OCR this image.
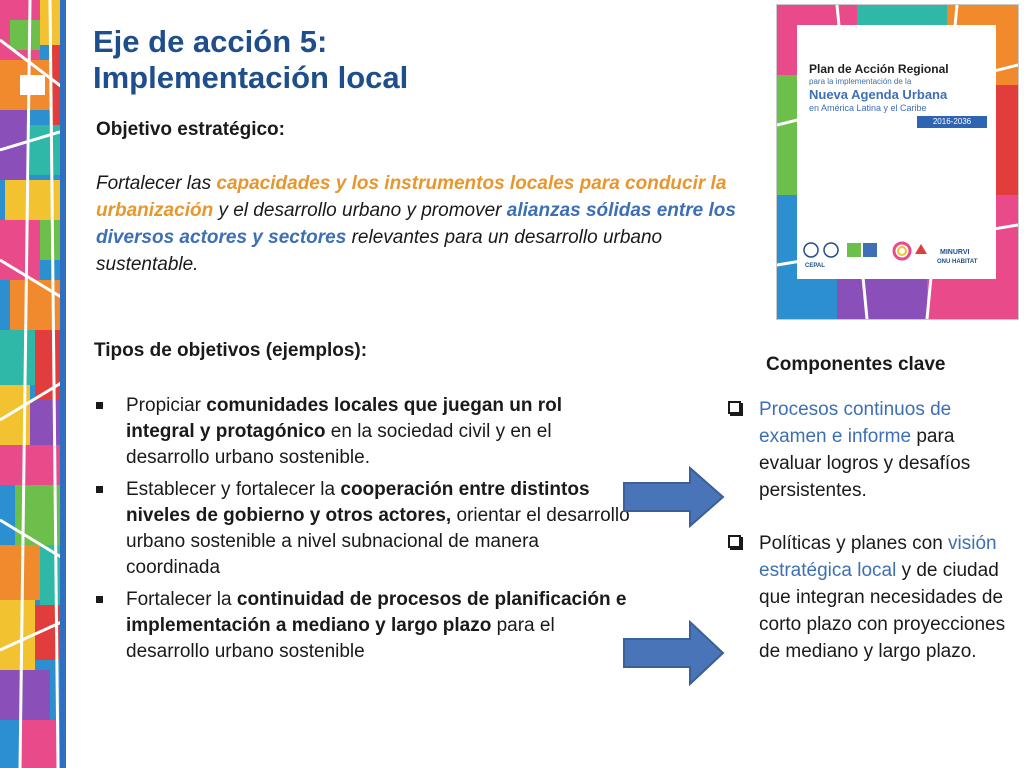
Eje de acción 5:
Implementación local

Objetivo estratégico:

Fortalecer las capacidades y los instrumentos locales para conducir la urbanización y el desarrollo urbano y promover alianzas sólidas entre los diversos actores y sectores relevantes para un desarrollo urbano sustentable.

Tipos de objetivos (ejemplos):

Propiciar comunidades locales que juegan un rol integral y protagónico en la sociedad civil y en el desarrollo urbano sostenible.
Establecer y fortalecer la cooperación entre distintos niveles de gobierno y otros actores, orientar el desarrollo urbano sostenible a nivel subnacional de manera coordinada
Fortalecer la continuidad de procesos de planificación e implementación a mediano y largo plazo para el desarrollo urbano sostenible
Plan de Acción Regional
para la implementación de la
Nueva Agenda Urbana
en América Latina y el Caribe
2016-2036
MINURVI
ONU HABITAT
CEPAL

Componentes clave

Procesos continuos de examen e informe para evaluar logros y desafíos persistentes.
Políticas y planes con visión estratégica local y de ciudad que integran necesidades de corto plazo con proyecciones de mediano y largo plazo.
